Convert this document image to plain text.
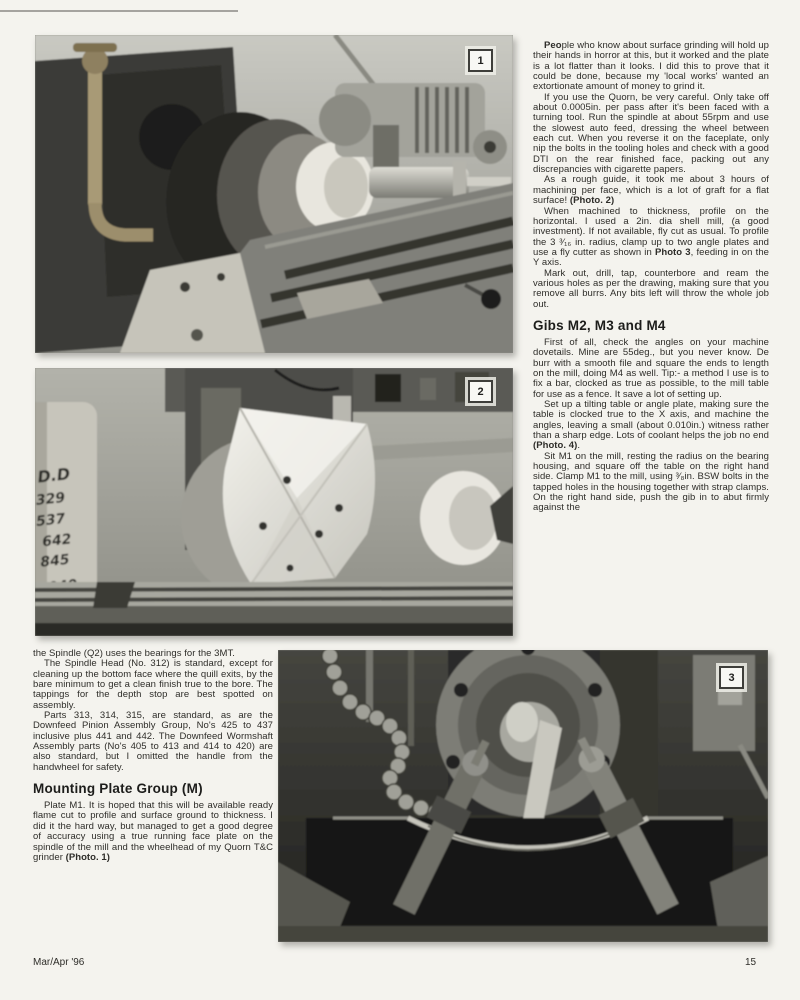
1
D.D
329
537
642
845
2

People who know about surface grinding will hold up their hands in horror at this, but it worked and the plate is a lot flatter than it looks. I did this to prove that it could be done, because my 'local works' wanted an extortionate amount of money to grind it.

If you use the Quorn, be very careful. Only take off about 0.0005in. per pass after it's been faced with a turning tool. Run the spindle at about 55rpm and use the slowest auto feed, dressing the wheel between each cut. When you reverse it on the faceplate, only nip the bolts in the tooling holes and check with a good DTI on the rear finished face, packing out any discrepancies with cigarette papers.

As a rough guide, it took me about 3 hours of machining per face, which is a lot of graft for a flat surface! (Photo. 2)

When machined to thickness, profile on the horizontal. I used a 2in. dia shell mill, (a good investment). If not available, fly cut as usual. To profile the 3 ³⁄₁₆ in. radius, clamp up to two angle plates and use a fly cutter as shown in Photo 3, feeding in on the Y axis.

Mark out, drill, tap, counterbore and ream the various holes as per the drawing, making sure that you remove all burrs. Any bits left will throw the whole job out.

Gibs M2, M3 and M4

First of all, check the angles on your machine dovetails. Mine are 55deg., but you never know. De burr with a smooth file and square the ends to length on the mill, doing M4 as well. Tip:- a method I use is to fix a bar, clocked as true as possible, to the mill table for use as a fence. It save a lot of setting up.

Set up a tilting table or angle plate, making sure the table is clocked true to the X axis, and machine the angles, leaving a small (about 0.010in.) witness rather than a sharp edge. Lots of coolant helps the job no end (Photo. 4).

Sit M1 on the mill, resting the radius on the bearing housing, and square off the table on the right hand side. Clamp M1 to the mill, using ³⁄₈in. BSW bolts in the tapped holes in the housing together with strap clamps. On the right hand side, push the gib in to abut firmly against the

the Spindle (Q2) uses the bearings for the 3MT.

The Spindle Head (No. 312) is standard, except for cleaning up the bottom face where the quill exits, by the bare minimum to get a clean finish true to the bore. The tappings for the depth stop are best spotted on assembly.

Parts 313, 314, 315, are standard, as are the Downfeed Pinion Assembly Group, No's 425 to 437 inclusive plus 441 and 442. The Downfeed Wormshaft Assembly parts (No's 405 to 413 and 414 to 420) are also standard, but I omitted the handle from the handwheel for safety.

Mounting Plate Group (M)

Plate M1. It is hoped that this will be available ready flame cut to profile and surface ground to thickness. I did it the hard way, but managed to get a good degree of accuracy using a true running face plate on the spindle of the mill and the wheelhead of my Quorn T&C grinder (Photo. 1)

3
Mar/Apr '96	15
